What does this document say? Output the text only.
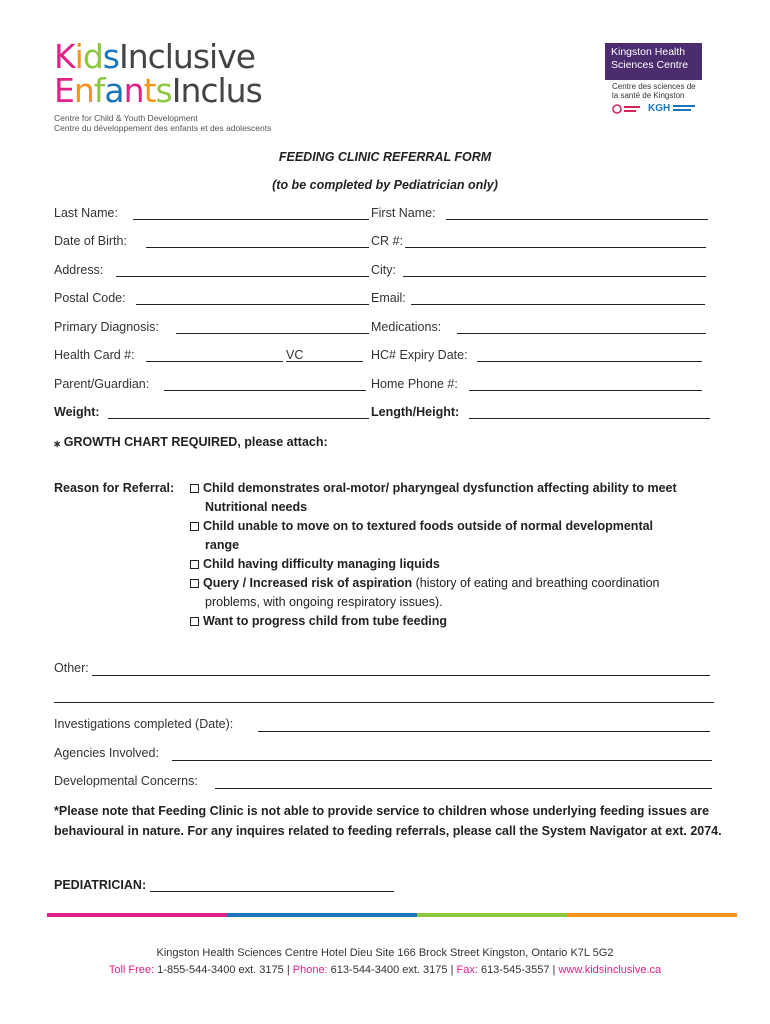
KidsInclusive
EnfantsInclus
Centre for Child & Youth Development
Centre du développement des enfants et des adolescents
Kingston Health
Sciences Centre
Centre des sciences de
la santé de Kingston
KGH
FEEDING CLINIC REFERRAL FORM
(to be completed by Pediatrician only)
Last Name:	First Name:
Date of Birth:	CR #:
Address:	City:
Postal Code:	Email:
Primary Diagnosis:	Medications:
Health Card #:	VC	HC# Expiry Date:
Parent/Guardian:	Home Phone #:
Weight:	Length/Height:
⁎ GROWTH CHART REQUIRED, please attach:
Reason for Referral:	Child demonstrates oral-motor/ pharyngeal dysfunction affecting ability to meet
Nutritional needs
Child unable to move on to textured foods outside of normal developmental
range
Child having difficulty managing liquids
Query / Increased risk of aspiration (history of eating and breathing coordination
problems, with ongoing respiratory issues).
Want to progress child from tube feeding
Other:
Investigations completed (Date):
Agencies Involved:
Developmental Concerns:
*Please note that Feeding Clinic is not able to provide service to children whose underlying feeding issues are behavioural in nature. For any inquires related to feeding referrals, please call the System Navigator at ext. 2074.
PEDIATRICIAN:
Kingston Health Sciences Centre Hotel Dieu Site 166 Brock Street Kingston, Ontario K7L 5G2
Toll Free: 1-855-544-3400 ext. 3175 | Phone: 613-544-3400 ext. 3175 | Fax: 613-545-3557 | www.kidsinclusive.ca
